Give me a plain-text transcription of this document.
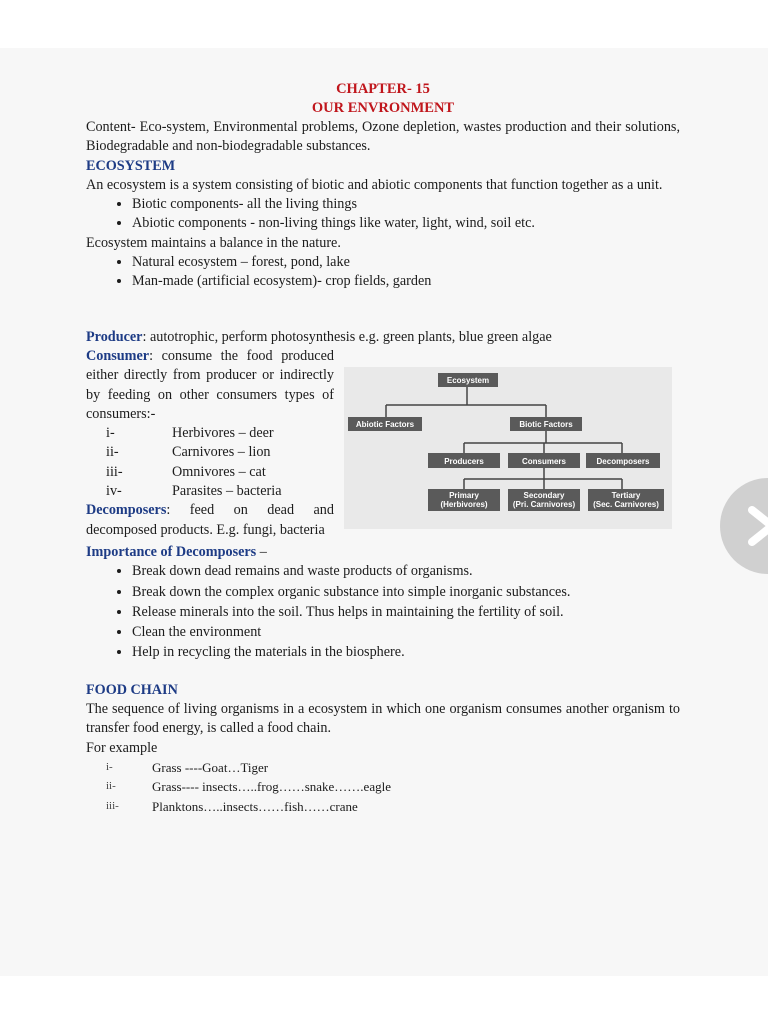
CHAPTER- 15
OUR ENVRONMENT
Content- Eco-system, Environmental problems, Ozone depletion, wastes production and their solutions, Biodegradable and non-biodegradable substances.
ECOSYSTEM
An ecosystem is a system consisting of biotic and abiotic components that function together as a unit.
• Biotic components- all the living things
• Abiotic components - non-living things like water, light, wind, soil etc.
Ecosystem maintains a balance in the nature.
• Natural ecosystem – forest, pond, lake
• Man-made (artificial ecosystem)- crop fields, garden
Producer: autotrophic, perform photosynthesis e.g. green plants, blue green algae
Consumer: consume the food produced either directly from producer or indirectly by feeding on other consumers types of consumers:-
i-	Herbivores – deer
ii-	Carnivores – lion
iii-	Omnivores – cat
iv-	Parasites – bacteria
Decomposers: feed on dead and decomposed products. E.g. fungi, bacteria
Ecosystem
Abiotic Factors	Biotic Factors
Producers	Consumers	Decomposers
Primary
(Herbivores)
Secondary
(Pri. Carnivores)
Tertiary
(Sec. Carnivores)
Importance of Decomposers –
• Break down dead remains and waste products of organisms.
• Break down the complex organic substance into simple inorganic substances.
• Release minerals into the soil. Thus helps in maintaining the fertility of soil.
• Clean the environment
• Help in recycling the materials in the biosphere.
FOOD CHAIN
The sequence of living organisms in a ecosystem in which one organism consumes another organism to transfer food energy, is called a food chain.
For example
i-	Grass ----Goat…Tiger
ii-	Grass---- insects…..frog……snake…….eagle
iii-	Planktons…..insects……fish……crane
